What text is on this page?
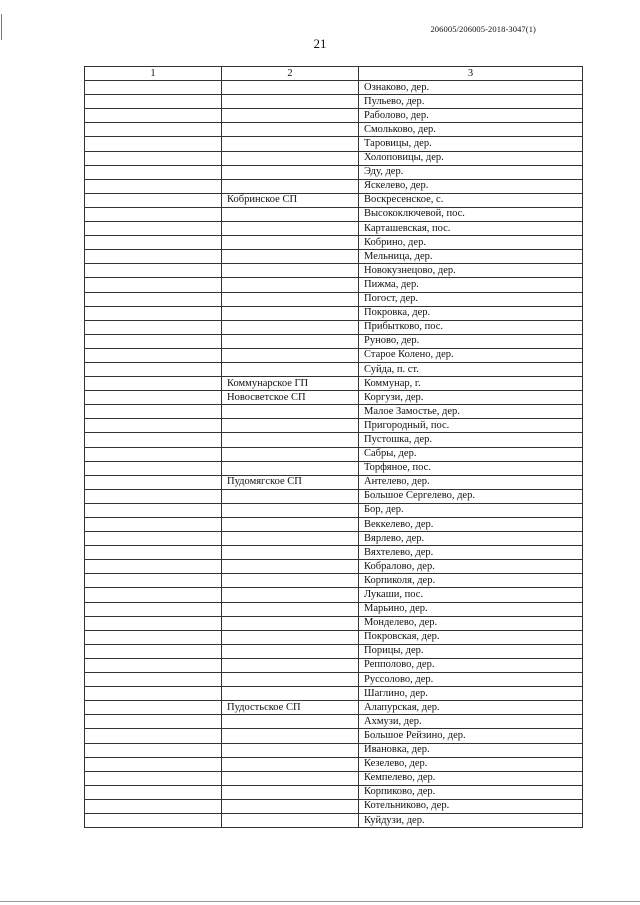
206005/206005-2018-3047(1)
21
1	2	3
		Ознаково, дер.
		Пульево, дер.
		Раболово, дер.
		Смольково, дер.
		Таровицы, дер.
		Холоповицы, дер.
		Эду, дер.
		Яскелево, дер.
	Кобринское СП	Воскресенское, с.
		Высокоключевой, пос.
		Карташевская, пос.
		Кобрино, дер.
		Мельница, дер.
		Новокузнецово, дер.
		Пижма, дер.
		Погост, дер.
		Покровка, дер.
		Прибытково, пос.
		Руново, дер.
		Старое Колено, дер.
		Суйда, п. ст.
	Коммунарское ГП	Коммунар, г.
	Новосветское СП	Коргузи, дер.
		Малое Замостье, дер.
		Пригородный, пос.
		Пустошка, дер.
		Сабры, дер.
		Торфяное, пос.
	Пудомягское СП	Антелево, дер.
		Большое Сергелево, дер.
		Бор, дер.
		Веккелево, дер.
		Вярлево, дер.
		Вяхтелево, дер.
		Кобралово, дер.
		Корпиколя, дер.
		Лукаши, пос.
		Марьино, дер.
		Монделево, дер.
		Покровская, дер.
		Порицы, дер.
		Репполово, дер.
		Руссолово, дер.
		Шаглино, дер.
	Пудостьское СП	Алапурская, дер.
		Ахмузи, дер.
		Большое Рейзино, дер.
		Ивановка, дер.
		Кезелево, дер.
		Кемпелево, дер.
		Корпиково, дер.
		Котельниково, дер.
		Куйдузи, дер.
